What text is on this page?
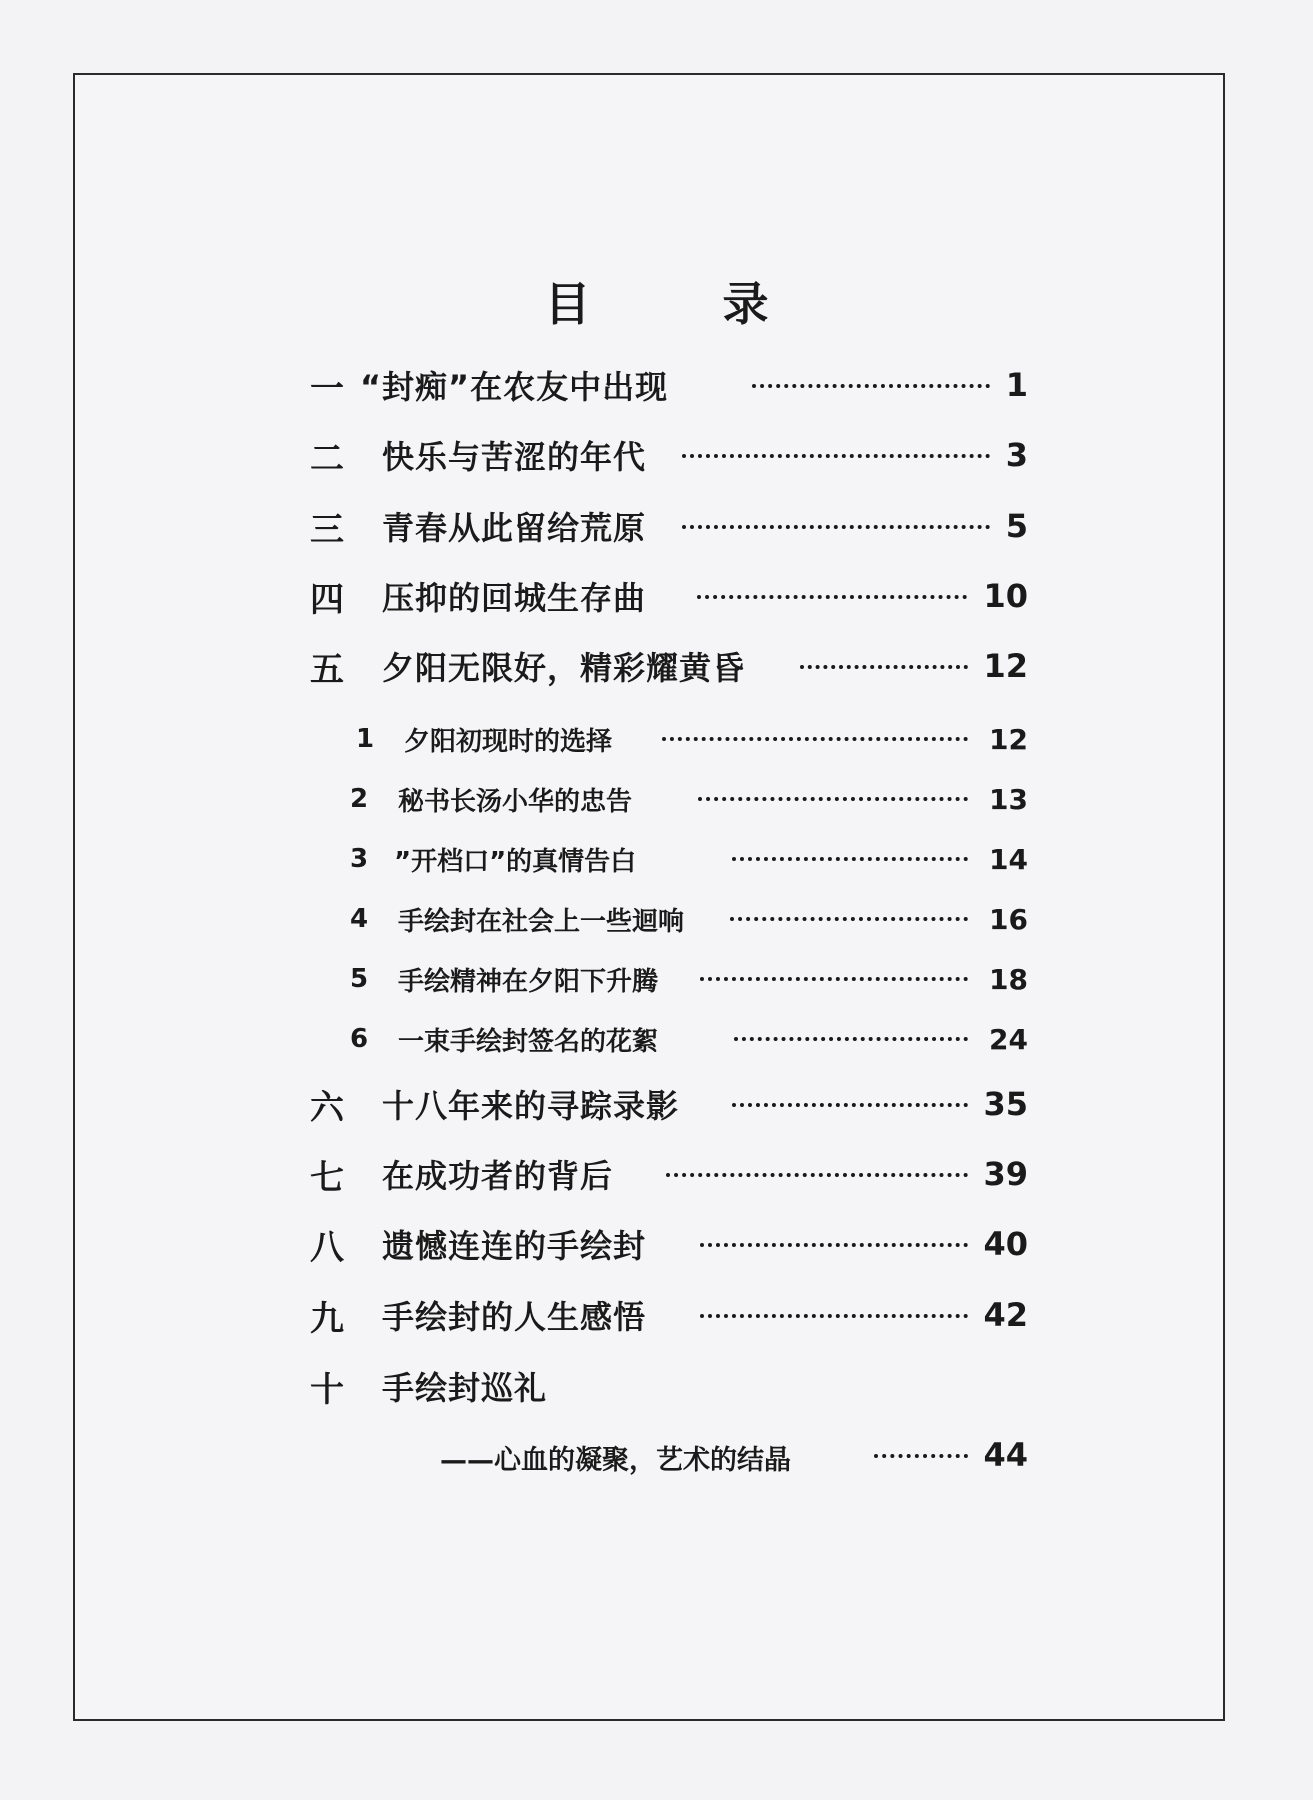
目 录
一 “封痴”在农友中出现	1
二 快乐与苦涩的年代	3
三 青春从此留给荒原	5
四 压抑的回城生存曲	10
五 夕阳无限好，精彩耀黄昏	12
1 夕阳初现时的选择	12
2 秘书长汤小华的忠告	13
3 ”开档口”的真情告白	14
4 手绘封在社会上一些迴响	16
5 手绘精神在夕阳下升腾	18
6 一束手绘封签名的花絮	24
六 十八年来的寻踪录影	35
七 在成功者的背后	39
八 遗憾连连的手绘封	40
九 手绘封的人生感悟	42
十 手绘封巡礼
——心血的凝聚，艺术的结晶	44
